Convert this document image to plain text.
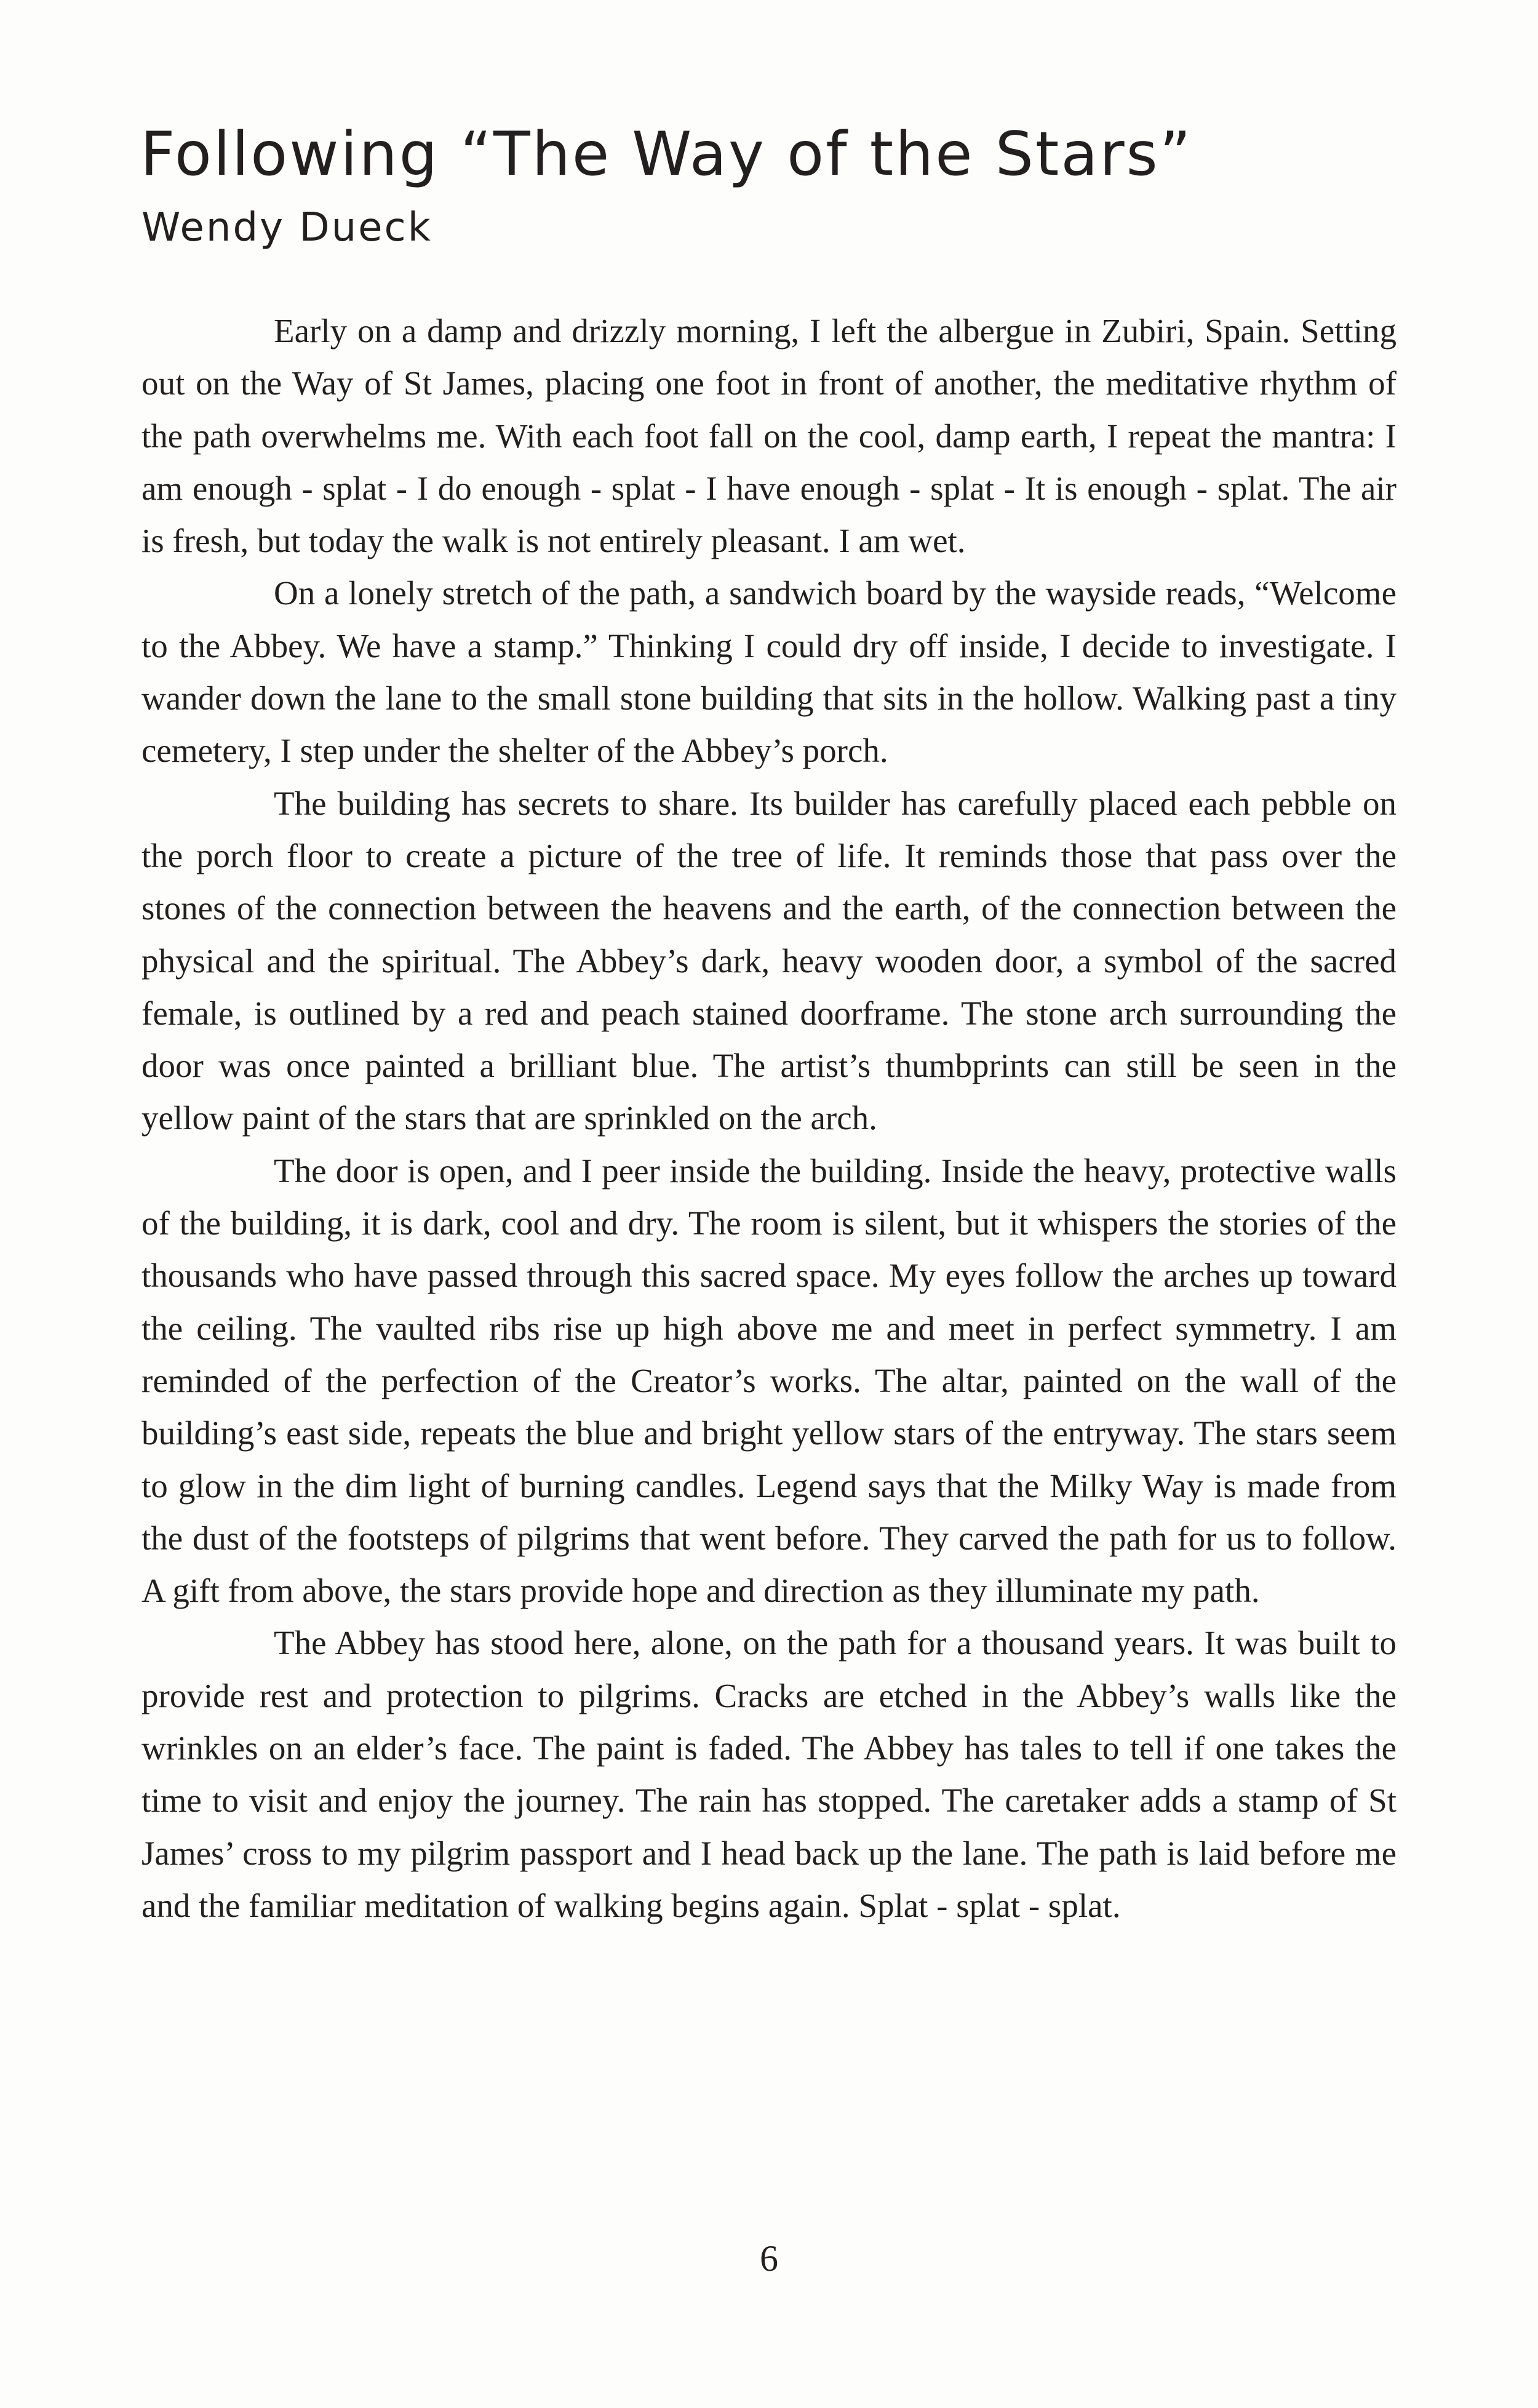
Following “The Way of the Stars”
Wendy Dueck

Early on a damp and drizzly morning, I left the albergue in Zubiri, Spain. Setting out on the Way of St James, placing one foot in front of another, the meditative rhythm of the path overwhelms me. With each foot fall on the cool, damp earth, I repeat the mantra: I am enough - splat - I do enough - splat - I have enough - splat - It is enough - splat. The air is fresh, but today the walk is not entirely pleasant. I am wet.

On a lonely stretch of the path, a sandwich board by the wayside reads, “Welcome to the Abbey. We have a stamp.” Thinking I could dry off inside, I decide to investigate. I wander down the lane to the small stone building that sits in the hollow. Walking past a tiny cemetery, I step under the shelter of the Abbey’s porch.

The building has secrets to share. Its builder has carefully placed each pebble on the porch floor to create a picture of the tree of life. It reminds those that pass over the stones of the connection between the heavens and the earth, of the connection between the physical and the spiritual. The Abbey’s dark, heavy wooden door, a symbol of the sacred female, is outlined by a red and peach stained doorframe. The stone arch surrounding the door was once painted a brilliant blue. The artist’s thumbprints can still be seen in the yellow paint of the stars that are sprinkled on the arch.

The door is open, and I peer inside the building. Inside the heavy, protective walls of the building, it is dark, cool and dry. The room is silent, but it whispers the stories of the thousands who have passed through this sacred space. My eyes follow the arches up toward the ceiling. The vaulted ribs rise up high above me and meet in perfect symmetry. I am reminded of the perfection of the Creator’s works. The altar, painted on the wall of the building’s east side, repeats the blue and bright yellow stars of the entryway. The stars seem to glow in the dim light of burning candles. Legend says that the Milky Way is made from the dust of the footsteps of pilgrims that went before. They carved the path for us to follow. A gift from above, the stars provide hope and direction as they illuminate my path.

The Abbey has stood here, alone, on the path for a thousand years. It was built to provide rest and protection to pilgrims. Cracks are etched in the Abbey’s walls like the wrinkles on an elder’s face. The paint is faded. The Abbey has tales to tell if one takes the time to visit and enjoy the journey. The rain has stopped. The caretaker adds a stamp of St James’ cross to my pilgrim passport and I head back up the lane. The path is laid before me and the familiar meditation of walking begins again. Splat - splat - splat.

6
